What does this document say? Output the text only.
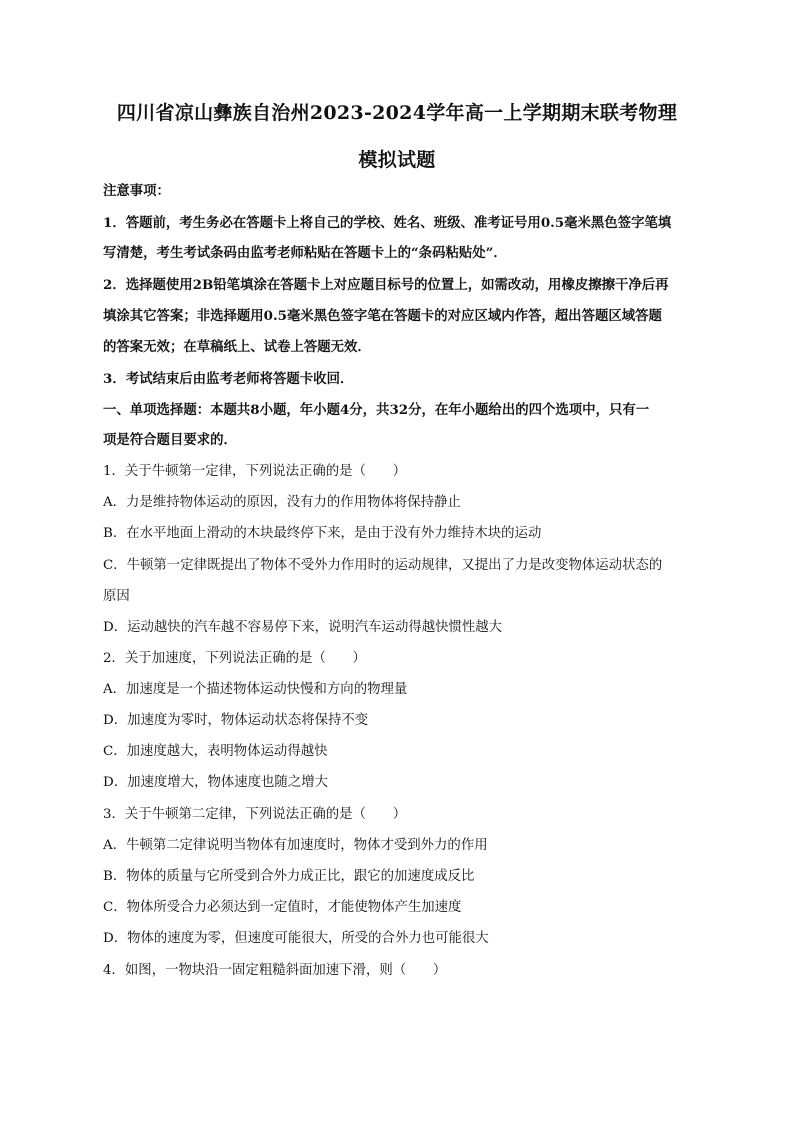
四川省凉山彝族自治州2023-2024学年高一上学期期末联考物理
模拟试题
注意事项：
1．答题前，考生务必在答题卡上将自己的学校、姓名、班级、准考证号用0.5毫米黑色签字笔填
写清楚，考生考试条码由监考老师粘贴在答题卡上的“条码粘贴处”．
2．选择题使用2B铅笔填涂在答题卡上对应题目标号的位置上，如需改动，用橡皮擦擦干净后再
填涂其它答案；非选择题用0.5毫米黑色签字笔在答题卡的对应区域内作答，超出答题区域答题
的答案无效；在草稿纸上、试卷上答题无效．
3．考试结束后由监考老师将答题卡收回．
一、单项选择题：本题共8小题，年小题4分，共32分，在年小题给出的四个选项中，只有一
项是符合题目要求的．
1．关于牛顿第一定律，下列说法正确的是（　　）
A．力是维持物体运动的原因，没有力的作用物体将保持静止
B．在水平地面上滑动的木块最终停下来，是由于没有外力维持木块的运动
C．牛顿第一定律既提出了物体不受外力作用时的运动规律，又提出了力是改变物体运动状态的
原因
D．运动越快的汽车越不容易停下来，说明汽车运动得越快惯性越大
2．关于加速度，下列说法正确的是（　　）
A．加速度是一个描述物体运动快慢和方向的物理量
D．加速度为零时，物体运动状态将保持不变
C．加速度越大，表明物体运动得越快
D．加速度增大，物体速度也随之增大
3．关于牛顿第二定律，下列说法正确的是（　　）
A．牛顿第二定律说明当物体有加速度时，物体才受到外力的作用
B．物体的质量与它所受到合外力成正比，跟它的加速度成反比
C．物体所受合力必须达到一定值时，才能使物体产生加速度
D．物体的速度为零，但速度可能很大，所受的合外力也可能很大
4．如图，一物块沿一固定粗糙斜面加速下滑，则（　　）
